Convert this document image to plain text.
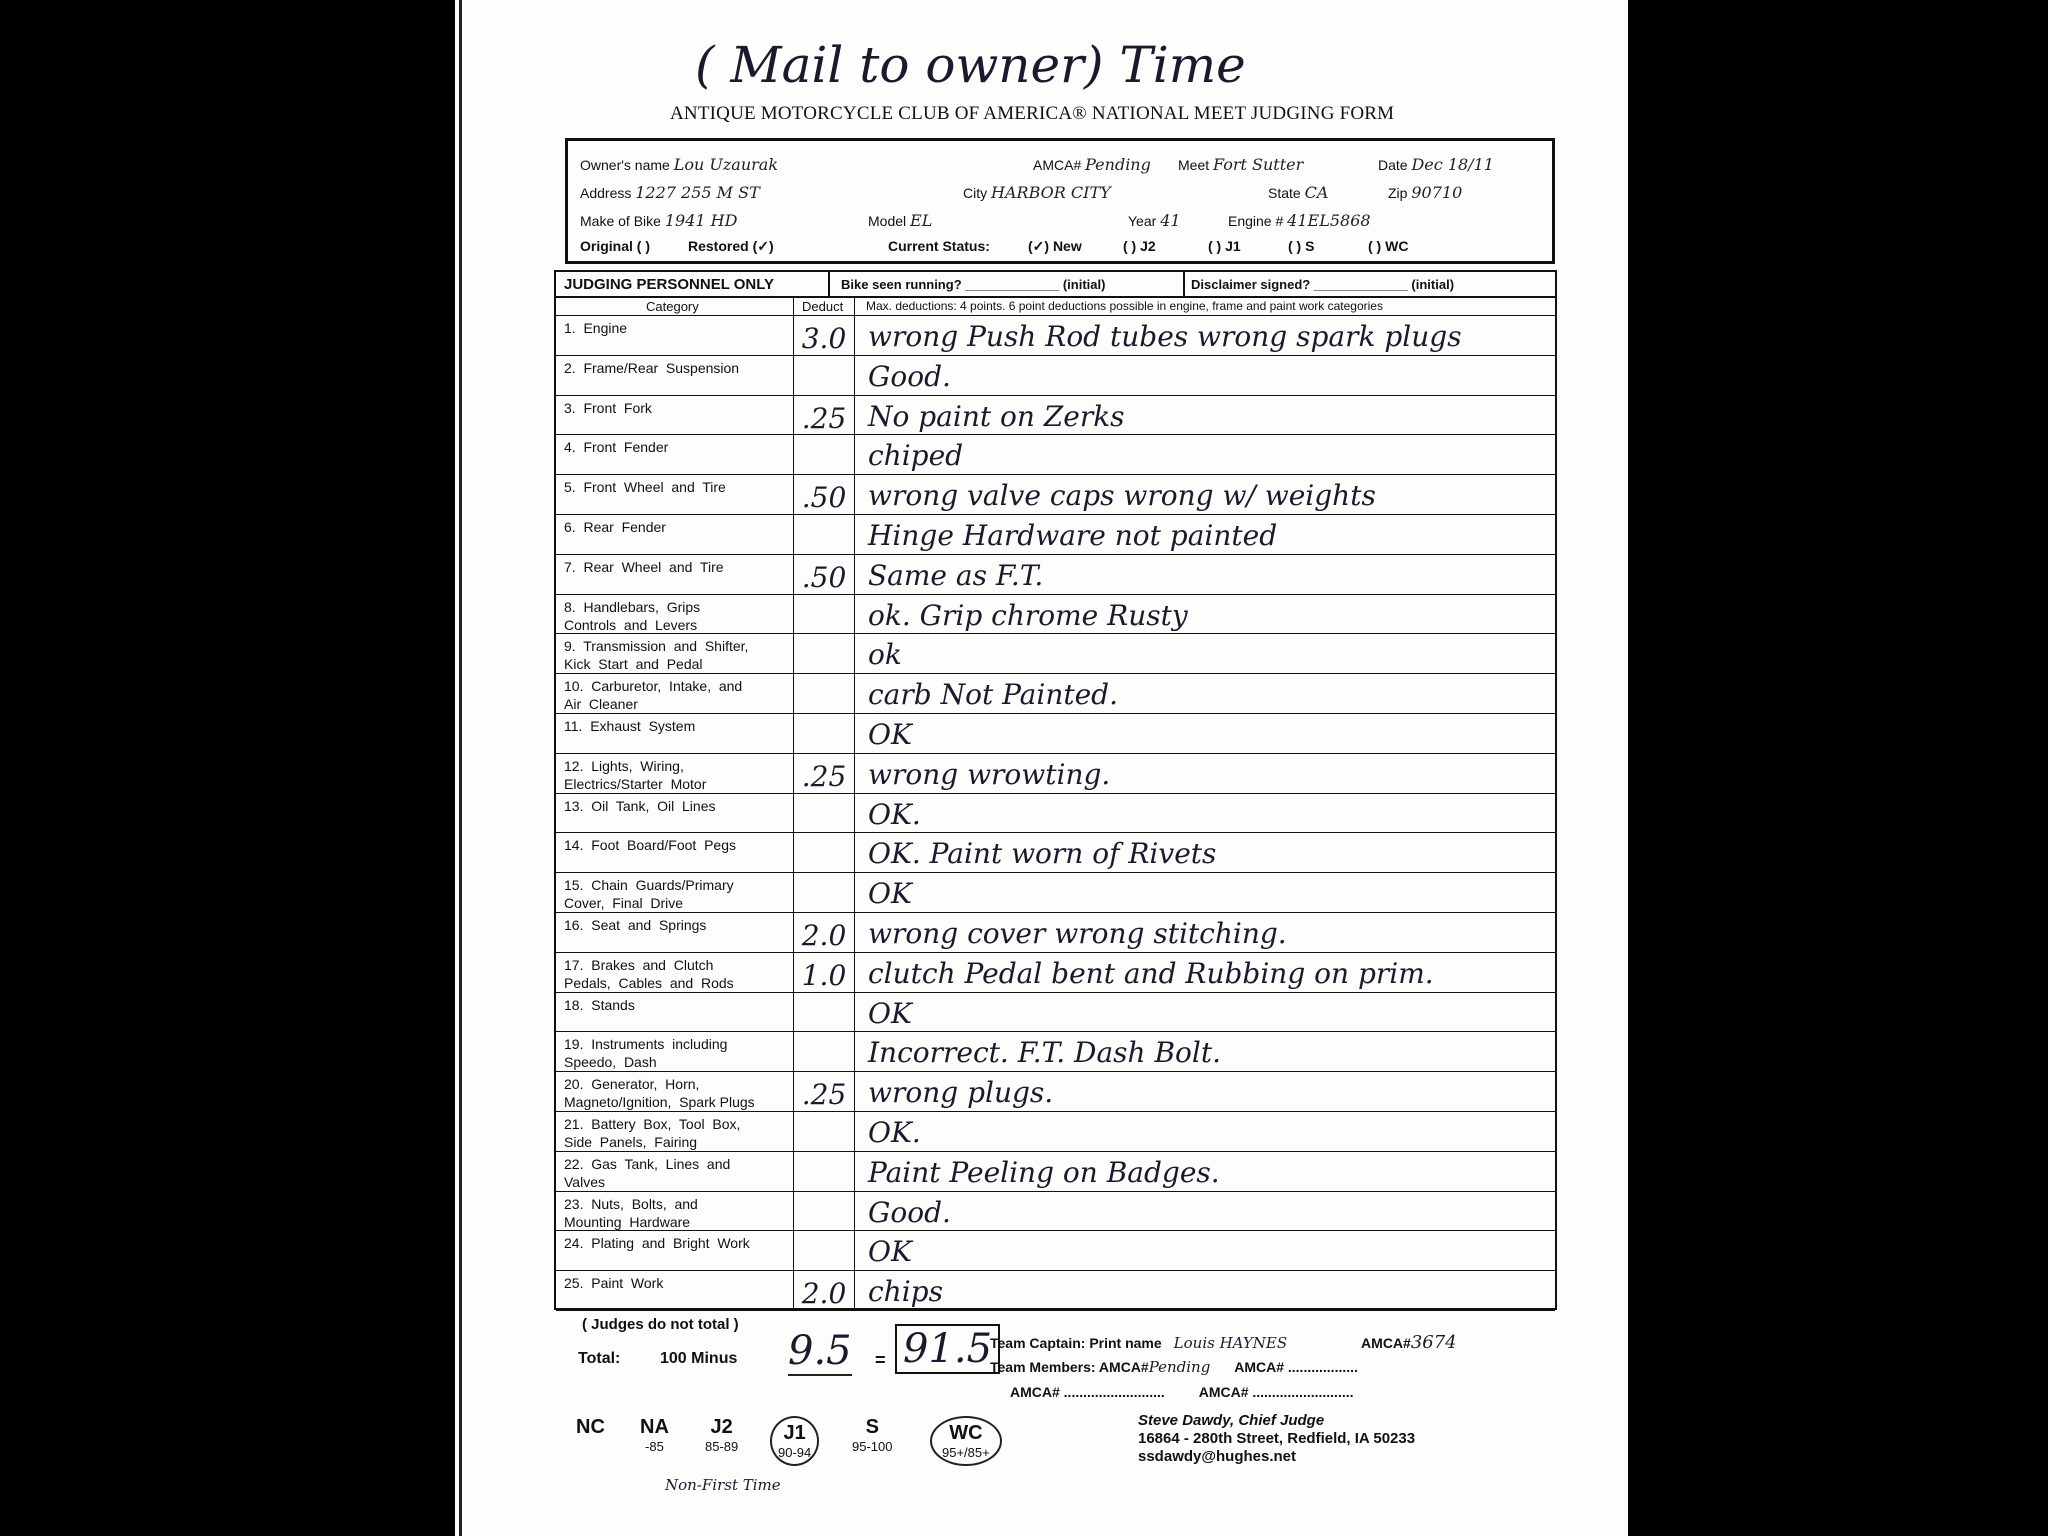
( Mail to owner) Time
ANTIQUE MOTORCYCLE CLUB OF AMERICA® NATIONAL MEET JUDGING FORM
Owner's name Lou Uzaurak	AMCA# Pending Meet Fort Sutter	Date Dec 18/11
Address 1227 255 M ST	City HARBOR CITY	State CA	Zip 90710
Make of Bike 1941 HD	Model EL	Year 41	Engine # 41EL5868
Original ( )	Restored (✓)	Current Status:	(✓) New	( ) J2	( ) J1	( ) S	( ) WC
JUDGING PERSONNEL ONLY	Bike seen running? _____________ (initial)	Disclaimer signed? _____________ (initial)
Category	Deduct Max. deductions: 4 points. 6 point deductions possible in engine, frame and paint work categories
1.  Engine	3.0 wrong Push Rod tubes wrong spark plugs
2.  Frame/Rear  Suspension	Good.
3.  Front  Fork	.25 No paint on Zerks
4.  Front  Fender	chiped
5.  Front  Wheel  and  Tire	.50 wrong valve caps wrong w/ weights
6.  Rear  Fender	Hinge Hardware not painted
7.  Rear  Wheel  and  Tire	.50 Same as F.T.
8.  Handlebars,  Grips
Controls  and  Levers	ok. Grip chrome Rusty
9.  Transmission  and  Shifter,
Kick  Start  and  Pedal	ok
10.  Carburetor,  Intake,  and
Air  Cleaner	carb Not Painted.
11.  Exhaust  System	OK
12.  Lights,  Wiring,
Electrics/Starter  Motor	.25 wrong wrowting.
13.  Oil  Tank,  Oil  Lines	OK.
14.  Foot  Board/Foot  Pegs	OK. Paint worn of Rivets
15.  Chain  Guards/Primary
Cover,  Final  Drive	OK
16.  Seat  and  Springs	2.0 wrong cover wrong stitching.
17.  Brakes  and  Clutch
Pedals,  Cables  and  Rods 1.0 clutch Pedal bent and Rubbing on prim.
18.  Stands	OK
19.  Instruments  including
Speedo,  Dash	Incorrect. F.T. Dash Bolt.
20.  Generator,  Horn,
Magneto/Ignition,  Spark Plugs .25 wrong plugs.
21.  Battery  Box,  Tool  Box,
Side  Panels,  Fairing	OK.
22.  Gas  Tank,  Lines  and
Valves	Paint Peeling on Badges.
23.  Nuts,  Bolts,  and
Mounting  Hardware	Good.
24.  Plating  and  Bright  Work	OK
25.  Paint  Work	2.0 chips
( Judges do not total )
Total: 100 Minus 9.5 = 91.5
Team Captain: Print name Louis HAYNES	AMCA#3674
Team Members: AMCA#Pending AMCA# ..................
AMCA# .......................... AMCA# ..........................
NC NA
-85
J2
85-89
J1
90-94
S
95-100
WC
95+/85+
Non-First Time
Steve Dawdy, Chief Judge
16864 - 280th Street, Redfield, IA 50233
ssdawdy@hughes.net
